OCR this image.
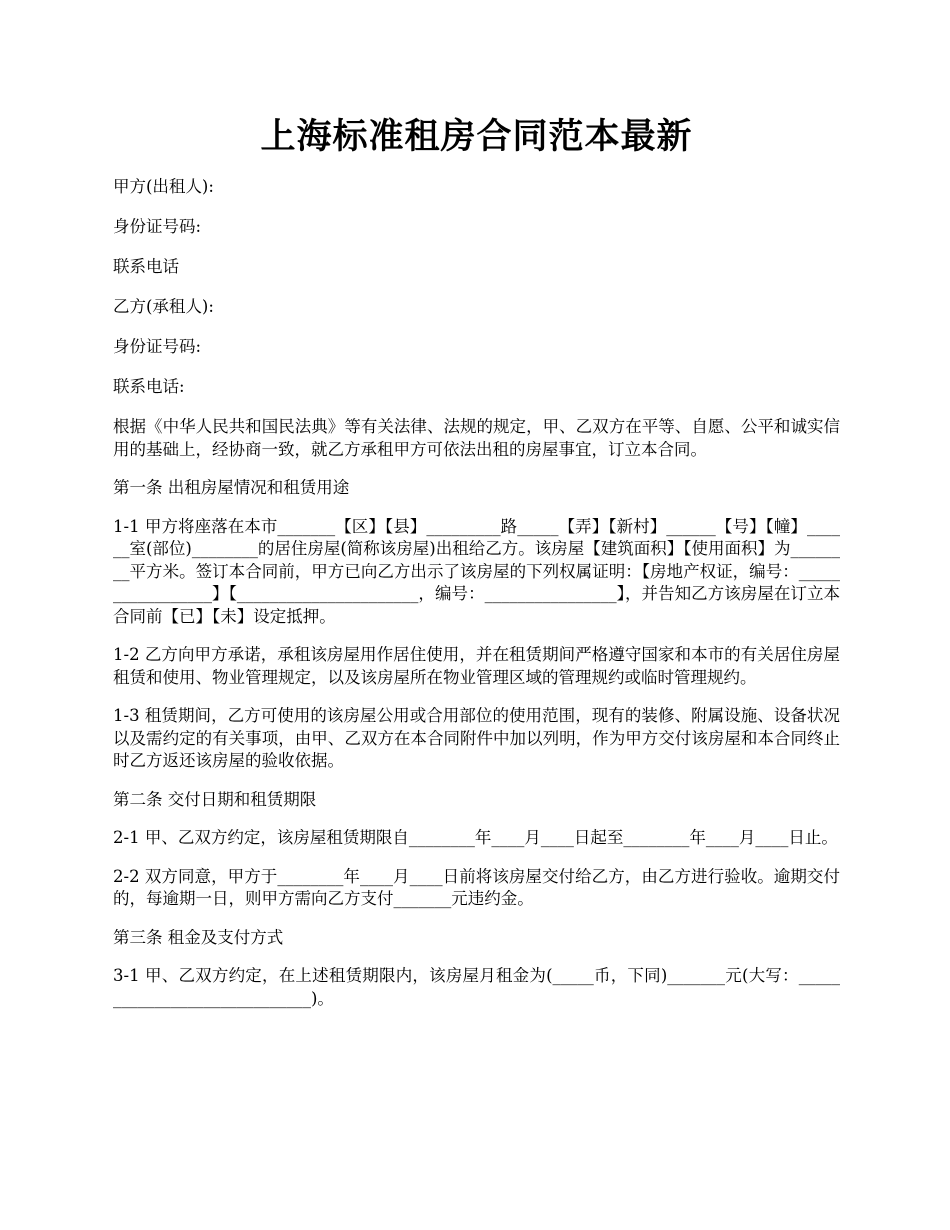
上海标准租房合同范本最新

甲方(出租人):

身份证号码:

联系电话

乙方(承租人):

身份证号码:

联系电话:

根据《中华人民共和国民法典》等有关法律、法规的规定，甲、乙双方在平等、自愿、公平和诚实信用的基础上，经协商一致，就乙方承租甲方可依法出租的房屋事宜，订立本合同。

第一条 出租房屋情况和租赁用途

1-1 甲方将座落在本市_______【区】【县】_________路_____【弄】【新村】______【号】【幢】______室(部位)________的居住房屋(简称该房屋)出租给乙方。该房屋【建筑面积】【使用面积】为________平方米。签订本合同前，甲方已向乙方出示了该房屋的下列权属证明：【房地产权证，编号：_________________】【______________________，编号：________________】，并告知乙方该房屋在订立本合同前【已】【未】设定抵押。

1-2 乙方向甲方承诺，承租该房屋用作居住使用，并在租赁期间严格遵守国家和本市的有关居住房屋租赁和使用、物业管理规定，以及该房屋所在物业管理区域的管理规约或临时管理规约。

1-3 租赁期间，乙方可使用的该房屋公用或合用部位的使用范围，现有的装修、附属设施、设备状况以及需约定的有关事项，由甲、乙双方在本合同附件中加以列明，作为甲方交付该房屋和本合同终止时乙方返还该房屋的验收依据。

第二条 交付日期和租赁期限

2-1 甲、乙双方约定，该房屋租赁期限自________年____月____日起至________年____月____日止。

2-2 双方同意，甲方于________年____月____日前将该房屋交付给乙方，由乙方进行验收。逾期交付的，每逾期一日，则甲方需向乙方支付_______元违约金。

第三条 租金及支付方式

3-1 甲、乙双方约定，在上述租赁期限内，该房屋月租金为(_____币，下同)_______元(大写：_____________________________)。
